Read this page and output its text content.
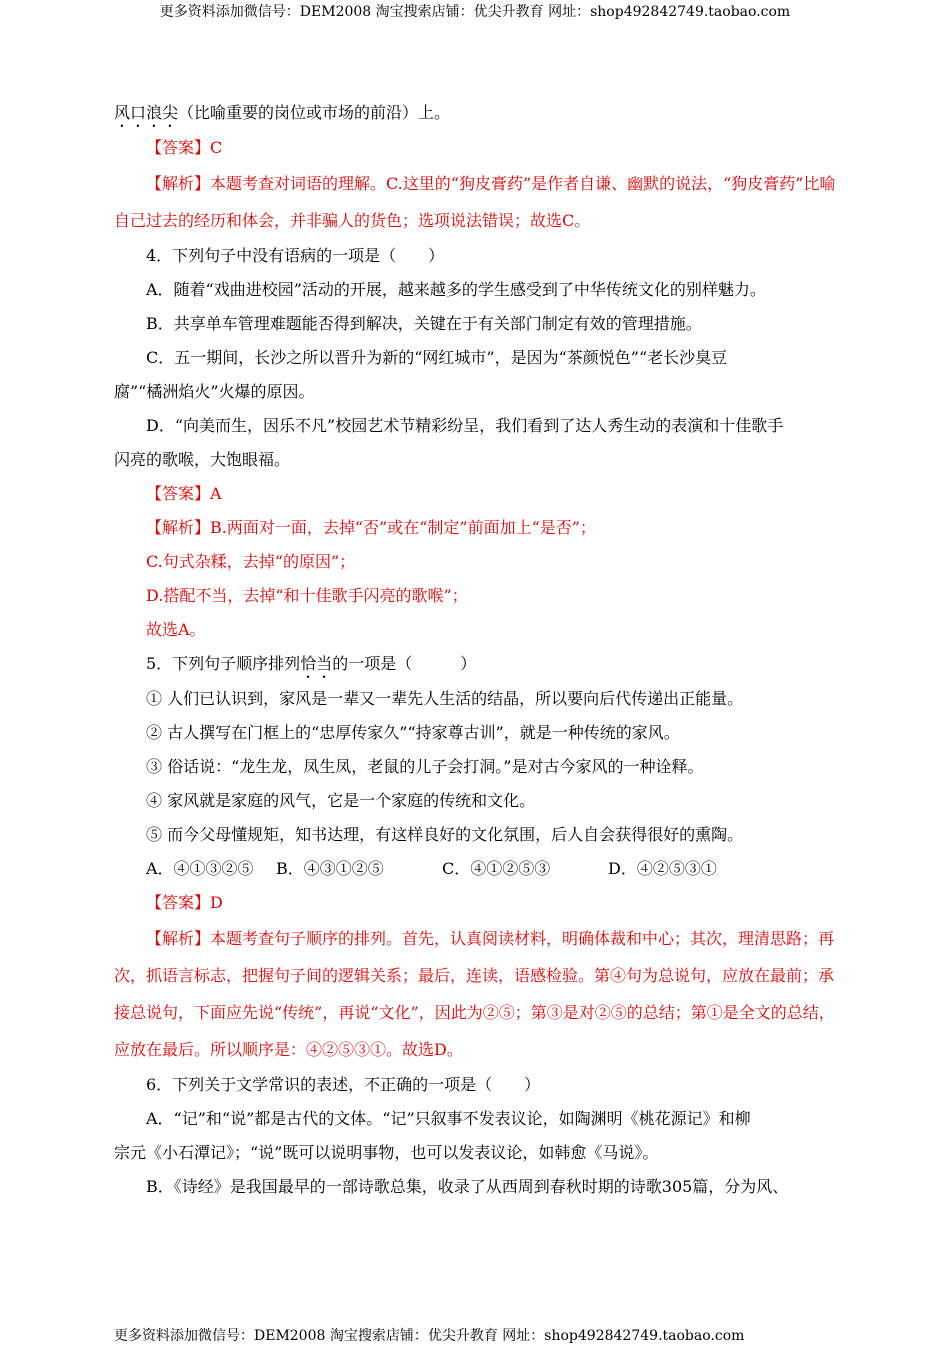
更多资料添加微信号：DEM2008 淘宝搜索店铺：优尖升教育 网址：shop492842749.taobao.com

风口浪尖（比喻重要的岗位或市场的前沿）上。

【答案】C

【解析】本题考查对词语的理解。C.这里的“狗皮膏药”是作者自谦、幽默的说法，“狗皮膏药”比喻自己过去的经历和体会，并非骗人的货色；选项说法错误；故选C。

4．下列句子中没有语病的一项是（　　）

A．随着“戏曲进校园”活动的开展，越来越多的学生感受到了中华传统文化的别样魅力。

B．共享单车管理难题能否得到解决，关键在于有关部门制定有效的管理措施。

C．五一期间，长沙之所以晋升为新的“网红城市”，是因为“茶颜悦色”“老长沙臭豆

腐”“橘洲焰火”火爆的原因。

D．“向美而生，因乐不凡”校园艺术节精彩纷呈，我们看到了达人秀生动的表演和十佳歌手

闪亮的歌喉，大饱眼福。

【答案】A

【解析】B.两面对一面，去掉“否”或在“制定”前面加上“是否”；

C.句式杂糅，去掉“的原因”；

D.搭配不当，去掉“和十佳歌手闪亮的歌喉”；

故选A。

5．下列句子顺序排列恰当的一项是（　　　）

① 人们已认识到，家风是一辈又一辈先人生活的结晶，所以要向后代传递出正能量。

② 古人撰写在门框上的“忠厚传家久”“持家尊古训”，就是一种传统的家风。

③ 俗话说：“龙生龙，凤生凤，老鼠的儿子会打洞。”是对古今家风的一种诠释。

④ 家风就是家庭的风气，它是一个家庭的传统和文化。

⑤ 而今父母懂规矩，知书达理，有这样良好的文化氛围，后人自会获得很好的熏陶。

A．④①③②⑤ B．④③①②⑤	C．④①②⑤③	D．④②⑤③①

【答案】D

【解析】本题考查句子顺序的排列。首先，认真阅读材料，明确体裁和中心；其次，理清思路；再次，抓语言标志，把握句子间的逻辑关系；最后，连读，语感检验。第④句为总说句，应放在最前；承接总说句，下面应先说“传统”，再说“文化”，因此为②⑤；第③是对②⑤的总结；第①是全文的总结，应放在最后。所以顺序是：④②⑤③①。故选D。

6．下列关于文学常识的表述，不正确的一项是（　　）

A．“记”和“说”都是古代的文体。“记”只叙事不发表议论，如陶渊明《桃花源记》和柳

宗元《小石潭记》；“说”既可以说明事物，也可以发表议论，如韩愈《马说》。

B．《诗经》是我国最早的一部诗歌总集，收录了从西周到春秋时期的诗歌305篇，分为风、

更多资料添加微信号：DEM2008 淘宝搜索店铺：优尖升教育 网址：shop492842749.taobao.com
